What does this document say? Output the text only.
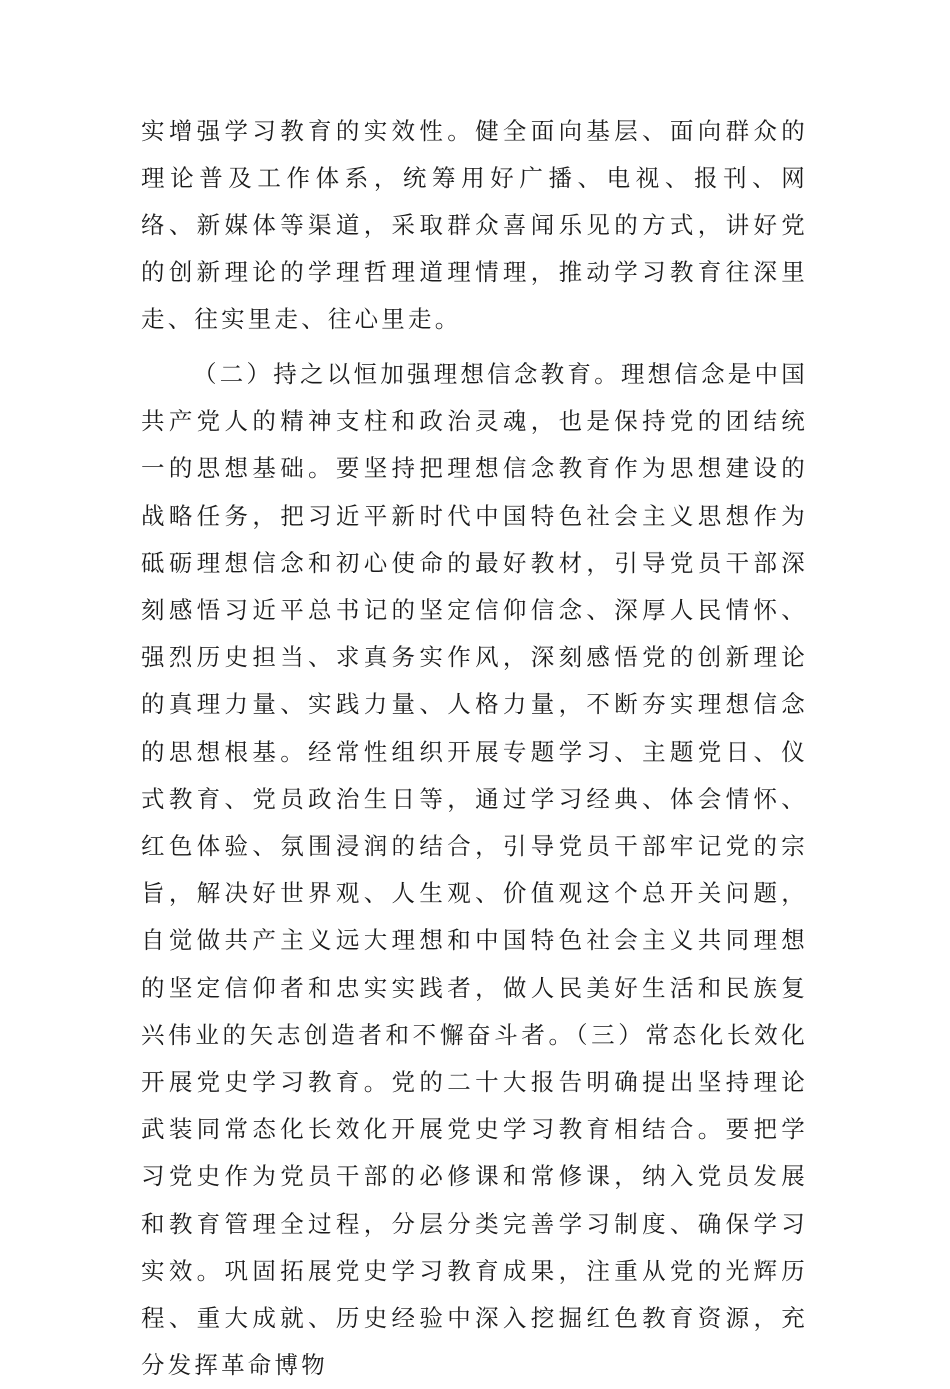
实增强学习教育的实效性。健全面向基层、面向群众的理论普及工作体系，统筹用好广播、电视、报刊、网络、新媒体等渠道，采取群众喜闻乐见的方式，讲好党的创新理论的学理哲理道理情理，推动学习教育往深里走、往实里走、往心里走。

（二）持之以恒加强理想信念教育。理想信念是中国共产党人的精神支柱和政治灵魂，也是保持党的团结统一的思想基础。要坚持把理想信念教育作为思想建设的战略任务，把习近平新时代中国特色社会主义思想作为砥砺理想信念和初心使命的最好教材，引导党员干部深刻感悟习近平总书记的坚定信仰信念、深厚人民情怀、强烈历史担当、求真务实作风，深刻感悟党的创新理论的真理力量、实践力量、人格力量，不断夯实理想信念的思想根基。经常性组织开展专题学习、主题党日、仪式教育、党员政治生日等，通过学习经典、体会情怀、红色体验、氛围浸润的结合，引导党员干部牢记党的宗旨，解决好世界观、人生观、价值观这个总开关问题，自觉做共产主义远大理想和中国特色社会主义共同理想的坚定信仰者和忠实实践者，做人民美好生活和民族复兴伟业的矢志创造者和不懈奋斗者。（三）常态化长效化开展党史学习教育。党的二十大报告明确提出坚持理论武装同常态化长效化开展党史学习教育相结合。要把学习党史作为党员干部的必修课和常修课，纳入党员发展和教育管理全过程，分层分类完善学习制度、确保学习实效。巩固拓展党史学习教育成果，注重从党的光辉历程、重大成就、历史经验中深入挖掘红色教育资源，充分发挥革命博物
